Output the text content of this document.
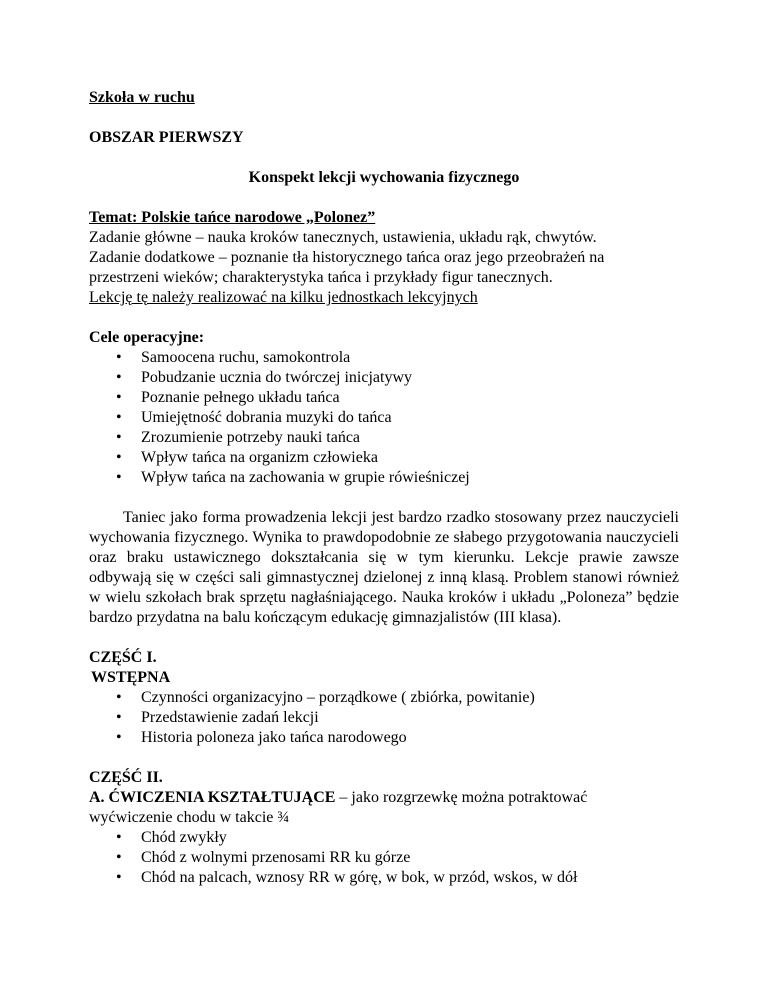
Szkoła w ruchu

OBSZAR PIERWSZY

Konspekt lekcji wychowania fizycznego

Temat: Polskie tańce narodowe „Polonez”

Zadanie główne – nauka kroków tanecznych, ustawienia, układu rąk, chwytów.

Zadanie dodatkowe – poznanie tła historycznego tańca oraz jego przeobrażeń na

przestrzeni wieków; charakterystyka tańca i przykłady figur tanecznych.

Lekcję tę należy realizować na kilku jednostkach lekcyjnych

Cele operacyjne:

• Samoocena ruchu, samokontrola
• Pobudzanie ucznia do twórczej inicjatywy
• Poznanie pełnego układu tańca
• Umiejętność dobrania muzyki do tańca
• Zrozumienie potrzeby nauki tańca
• Wpływ tańca na organizm człowieka
• Wpływ tańca na zachowania w grupie rówieśniczej

Taniec jako forma prowadzenia lekcji jest bardzo rzadko stosowany przez nauczycieli wychowania fizycznego. Wynika to prawdopodobnie ze słabego przygotowania nauczycieli oraz braku ustawicznego dokształcania się w tym kierunku. Lekcje prawie zawsze odbywają się w części sali gimnastycznej dzielonej z inną klasą. Problem stanowi również w wielu szkołach brak sprzętu nagłaśniającego. Nauka kroków i układu „Poloneza” będzie bardzo przydatna na balu kończącym edukację gimnazjalistów (III klasa).

CZĘŚĆ I.

WSTĘPNA

• Czynności organizacyjno – porządkowe ( zbiórka, powitanie)
• Przedstawienie zadań lekcji
• Historia poloneza jako tańca narodowego

CZĘŚĆ II.

A. ĆWICZENIA KSZTAŁTUJĄCE – jako rozgrzewkę można potraktować

wyćwiczenie chodu w takcie ¾

• Chód zwykły
• Chód z wolnymi przenosami RR ku górze
• Chód na palcach, wznosy RR w górę, w bok, w przód, wskos, w dół
